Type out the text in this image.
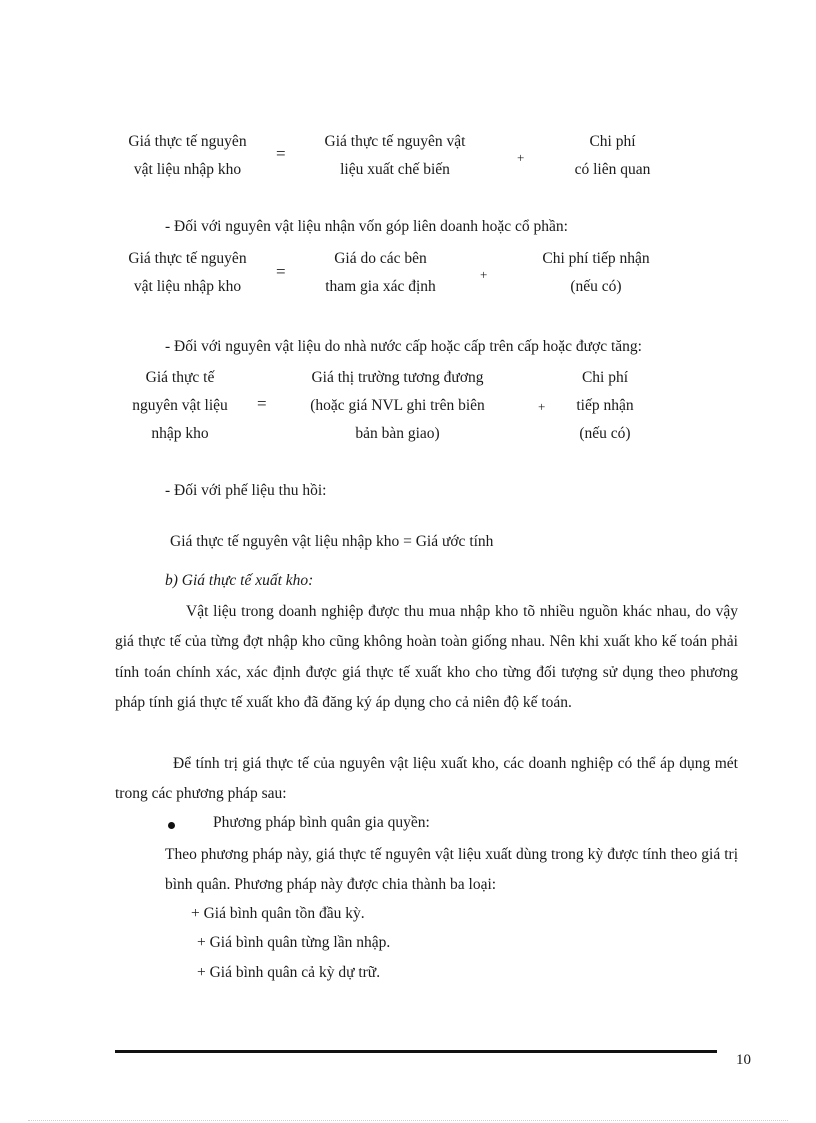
Giá thực tế nguyên
vật liệu nhập kho
=
Giá thực tế nguyên vật
liệu xuất chế biến
+
Chi phí
có liên quan
- Đối với nguyên vật liệu nhận vốn góp liên doanh hoặc cổ phần:
Giá thực tế nguyên
vật liệu nhập kho
=
Giá do các bên
tham gia xác định
+
Chi phí tiếp nhận
(nếu có)
- Đối với nguyên vật liệu do nhà nước cấp hoặc cấp trên cấp hoặc được tăng:
Giá thực tế
nguyên vật liệu
nhập kho
=
Giá thị trường tương đương
(hoặc giá NVL ghi trên biên
bản bàn giao)
+
Chi phí
tiếp nhận
(nếu có)
- Đối với phế liệu thu hồi:
Giá thực tế nguyên vật liệu nhập kho = Giá ước tính
b) Giá thực tế xuất kho:
Vật liệu trong doanh nghiệp được thu mua nhập kho tõ nhiều nguồn khác nhau, do vậy giá thực tế của từng đợt nhập kho cũng không hoàn toàn giống nhau. Nên khi xuất kho kế toán phải tính toán chính xác, xác định được giá thực tế xuất kho cho từng đối tượng sử dụng theo phương pháp tính giá thực tế xuất kho đã đăng ký áp dụng cho cả niên độ kế toán.
Để tính trị giá thực tế của nguyên vật liệu xuất kho, các doanh nghiệp có thể áp dụng mét trong các phương pháp sau:
Phương pháp bình quân gia quyền:
Theo phương pháp này, giá thực tế nguyên vật liệu xuất dùng trong kỳ được tính theo giá trị bình quân. Phương pháp này được chia thành ba loại:
+ Giá bình quân tồn đầu kỳ.
+ Giá bình quân từng lần nhập.
+ Giá bình quân cả kỳ dự trữ.
10
